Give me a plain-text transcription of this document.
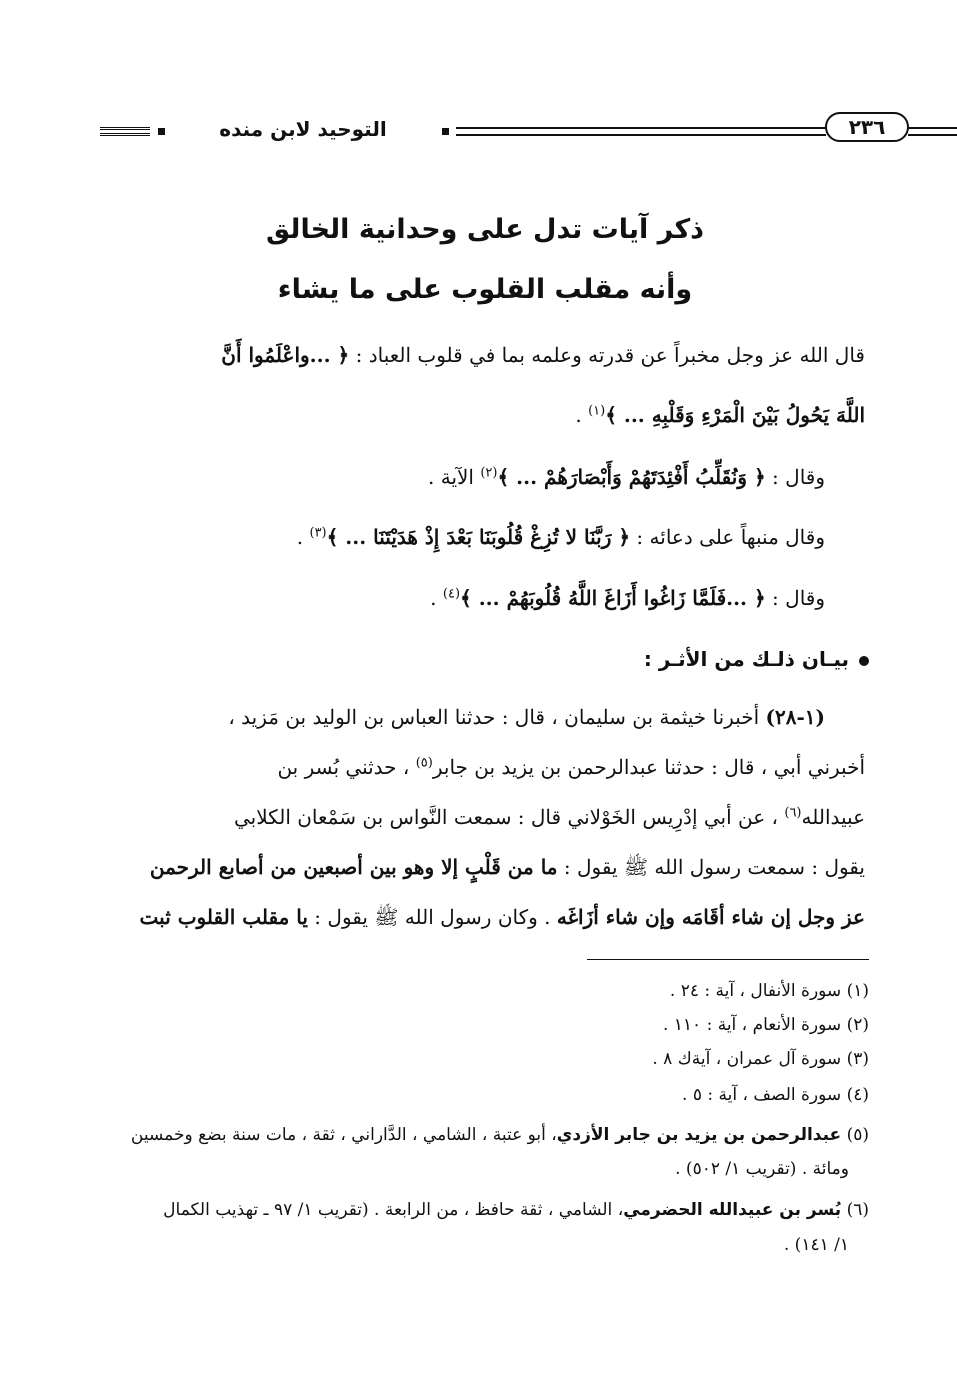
التوحيد لابن منده	٢٣٦
ذكر آيات تدل على وحدانية الخالق
وأنه مقلب القلوب على ما يشاء
قال الله عز وجل مخبراً عن قدرته وعلمه بما في قلوب العباد : ﴿ ...واعْلَمُوا أَنَّ
اللَّهَ يَحُولُ بَيْنَ الْمَرْءِ وَقَلْبِهِ ... ﴾$^{(١)}$ .
وقال : ﴿ وَنُقَلِّبُ أَفْئِدَتَهُمْ وَأَبْصَارَهُمْ ... ﴾$^{(٢)}$ الآية .
وقال منبهاً على دعائه : ﴿ رَبَّنَا لا تُزِغْ قُلُوبَنَا بَعْدَ إِذْ هَدَيْتَنَا ... ﴾$^{(٣)}$ .
وقال : ﴿ ...فَلَمَّا زَاغُوا أَزَاغَ اللَّهُ قُلُوبَهُمْ ... ﴾$^{(٤)}$ .
بيـان ذلـك من الأثـر :
(١-٢٨) أخبرنا خيثمة بن سليمان ، قال : حدثنا العباس بن الوليد بن مَزيد ،
أخبرني أبي ، قال : حدثنا عبدالرحمن بن يزيد بن جابر$^{(٥)}$ ، حدثني بُسر بن
عبيدالله$^{(٦)}$ ، عن أبي إدْرِيس الخَوْلاني قال : سمعت النَّواس بن سَمْعان الكلابي
يقول : سمعت رسول الله ﷺ يقول : ما من قَلْبٍ إلا وهو بين أصبعين من أصابع الرحمن
عز وجل إن شاء أقَامَه وإن شاء أزَاغَه . وكان رسول الله ﷺ يقول : يا مقلب القلوب ثبت
(١) سورة الأنفال ، آية : ٢٤ .
(٢) سورة الأنعام ، آية : ١١٠ .
(٣) سورة آل عمران ، آيةك ٨ .
(٤) سورة الصف ، آية : ٥ .
(٥) عبدالرحمن بن يزيد بن جابر الأزدي، أبو عتبة ، الشامي ، الدَّاراني ، ثقة ، مات سنة بضع وخمسين
ومائة . (تقريب ١/ ٥٠٢) .
(٦) بُسر بن عبيدالله الحضرمي، الشامي ، ثقة حافظ ، من الرابعة . (تقريب ١/ ٩٧ ـ تهذيب الكمال
١/ ١٤١) .
